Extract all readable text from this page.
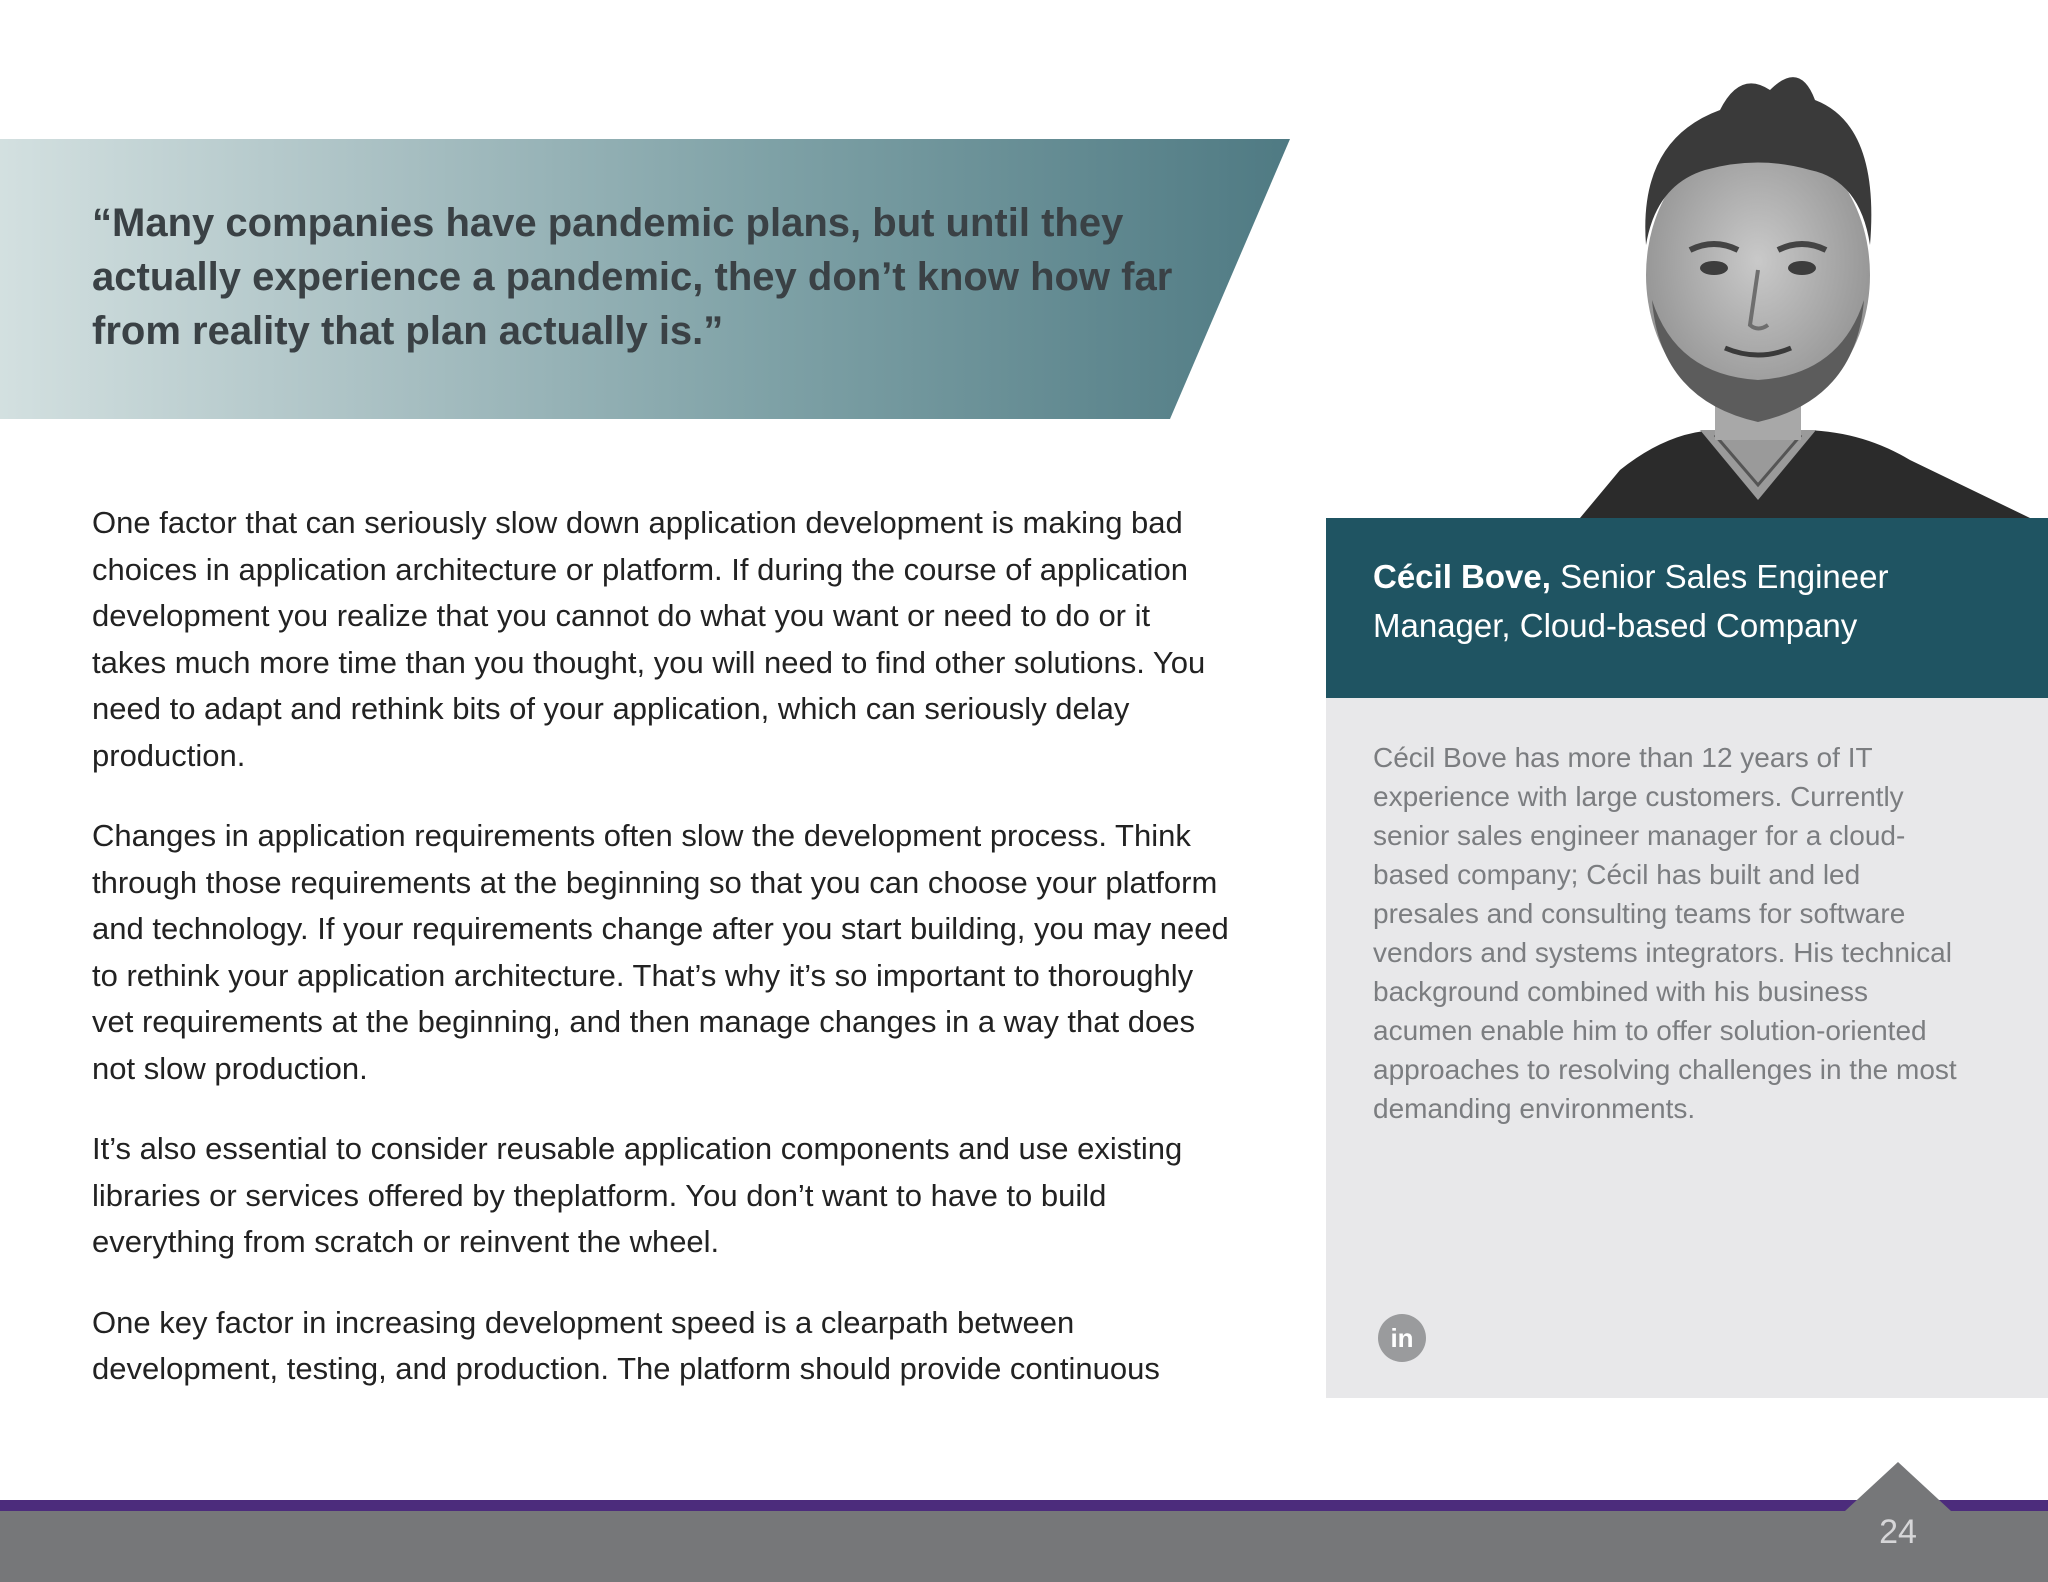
“Many companies have pandemic plans, but until they actually experience a pandemic, they don’t know how far from reality that plan actually is.”

One factor that can seriously slow down application development is making bad choices in application architecture or platform. If during the course of application development you realize that you cannot do what you want or need to do or it takes much more time than you thought, you will need to find other solutions. You need to adapt and rethink bits of your application, which can seriously delay production.

Changes in application requirements often slow the development process. Think through those requirements at the beginning so that you can choose your platform and technology. If your requirements change after you start building, you may need to rethink your application architecture. That’s why it’s so important to thoroughly vet requirements at the beginning, and then manage changes in a way that does not slow production.

It’s also essential to consider reusable application components and use existing libraries or services offered by theplatform. You don’t want to have to build everything from scratch or reinvent the wheel.

One key factor in increasing development speed is a clearpath between development, testing, and production. The platform should provide continuous

Cécil Bove, Senior Sales Engineer Manager, Cloud-based Company

Cécil Bove has more than 12 years of IT experience with large customers. Currently senior sales engineer manager for a cloud-based company; Cécil has built and led presales and consulting teams for software vendors and systems integrators. His technical background combined with his business acumen enable him to offer solution-oriented approaches to resolving challenges in the most demanding environments.

in
24
